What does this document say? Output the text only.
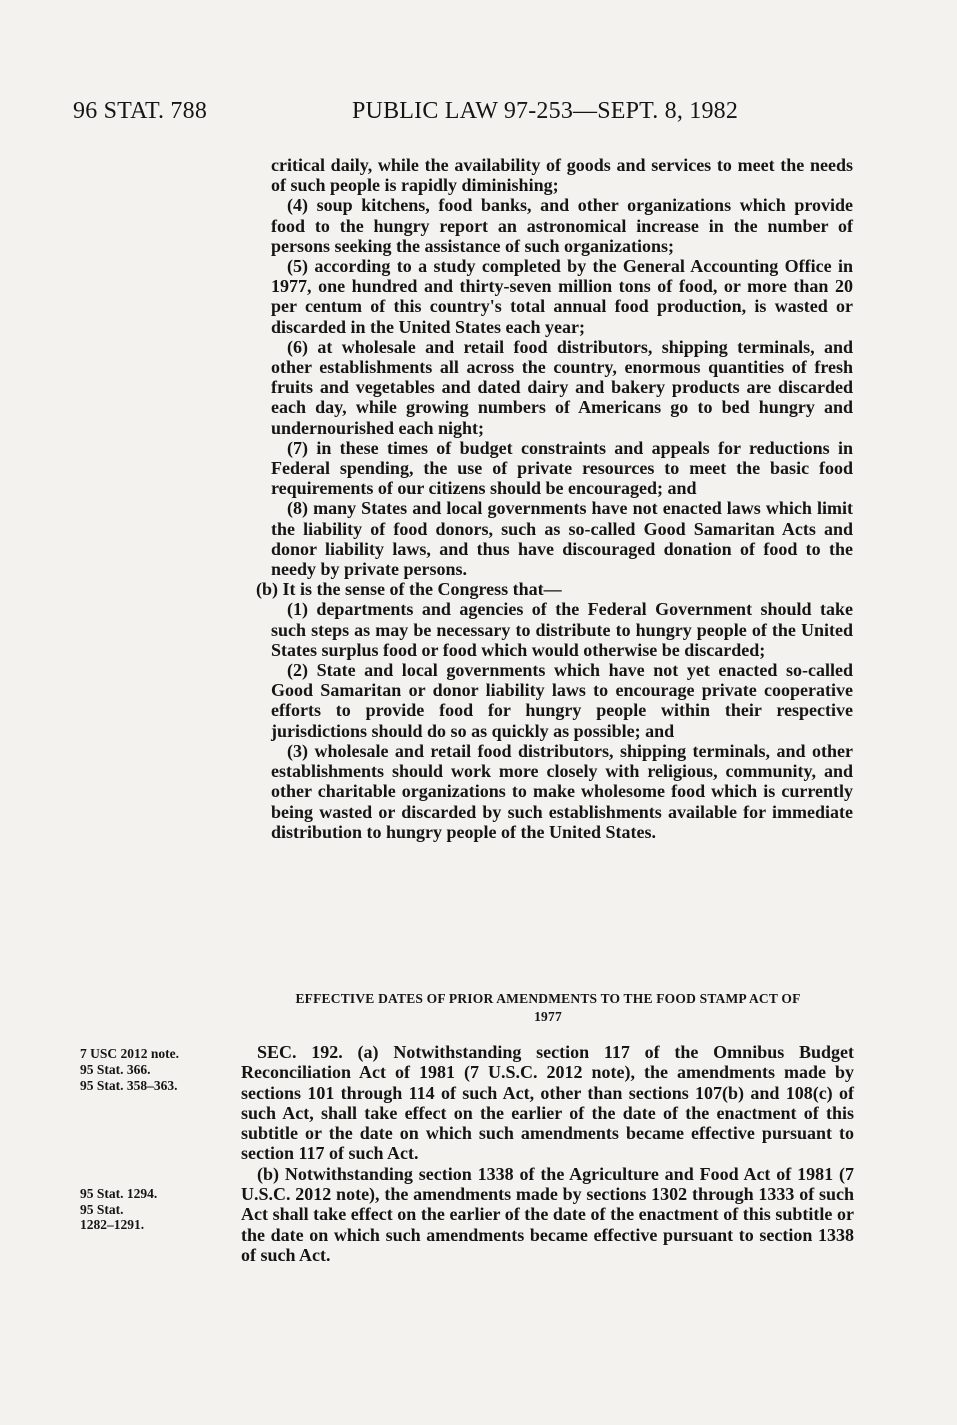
96 STAT. 788	PUBLIC LAW 97-253—SEPT. 8, 1982

critical daily, while the availability of goods and services to meet the needs of such people is rapidly diminishing;

(4) soup kitchens, food banks, and other organizations which provide food to the hungry report an astronomical increase in the number of persons seeking the assistance of such organizations;

(5) according to a study completed by the General Accounting Office in 1977, one hundred and thirty-seven million tons of food, or more than 20 per centum of this country's total annual food production, is wasted or discarded in the United States each year;

(6) at wholesale and retail food distributors, shipping terminals, and other establishments all across the country, enormous quantities of fresh fruits and vegetables and dated dairy and bakery products are discarded each day, while growing numbers of Americans go to bed hungry and undernourished each night;

(7) in these times of budget constraints and appeals for reductions in Federal spending, the use of private resources to meet the basic food requirements of our citizens should be encouraged; and

(8) many States and local governments have not enacted laws which limit the liability of food donors, such as so-called Good Samaritan Acts and donor liability laws, and thus have discouraged donation of food to the needy by private persons.

(b) It is the sense of the Congress that—

(1) departments and agencies of the Federal Government should take such steps as may be necessary to distribute to hungry people of the United States surplus food or food which would otherwise be discarded;

(2) State and local governments which have not yet enacted so-called Good Samaritan or donor liability laws to encourage private cooperative efforts to provide food for hungry people within their respective jurisdictions should do so as quickly as possible; and

(3) wholesale and retail food distributors, shipping terminals, and other establishments should work more closely with religious, community, and other charitable organizations to make wholesome food which is currently being wasted or discarded by such establishments available for immediate distribution to hungry people of the United States.

EFFECTIVE DATES OF PRIOR AMENDMENTS TO THE FOOD STAMP ACT OF
1977
7 USC 2012 note.
95 Stat. 366.
95 Stat. 358–363.
95 Stat. 1294.
95 Stat.
1282–1291.

SEC. 192. (a) Notwithstanding section 117 of the Omnibus Budget Reconciliation Act of 1981 (7 U.S.C. 2012 note), the amendments made by sections 101 through 114 of such Act, other than sections 107(b) and 108(c) of such Act, shall take effect on the earlier of the date of the enactment of this subtitle or the date on which such amendments became effective pursuant to section 117 of such Act.

(b) Notwithstanding section 1338 of the Agriculture and Food Act of 1981 (7 U.S.C. 2012 note), the amendments made by sections 1302 through 1333 of such Act shall take effect on the earlier of the date of the enactment of this subtitle or the date on which such amendments became effective pursuant to section 1338 of such Act.
